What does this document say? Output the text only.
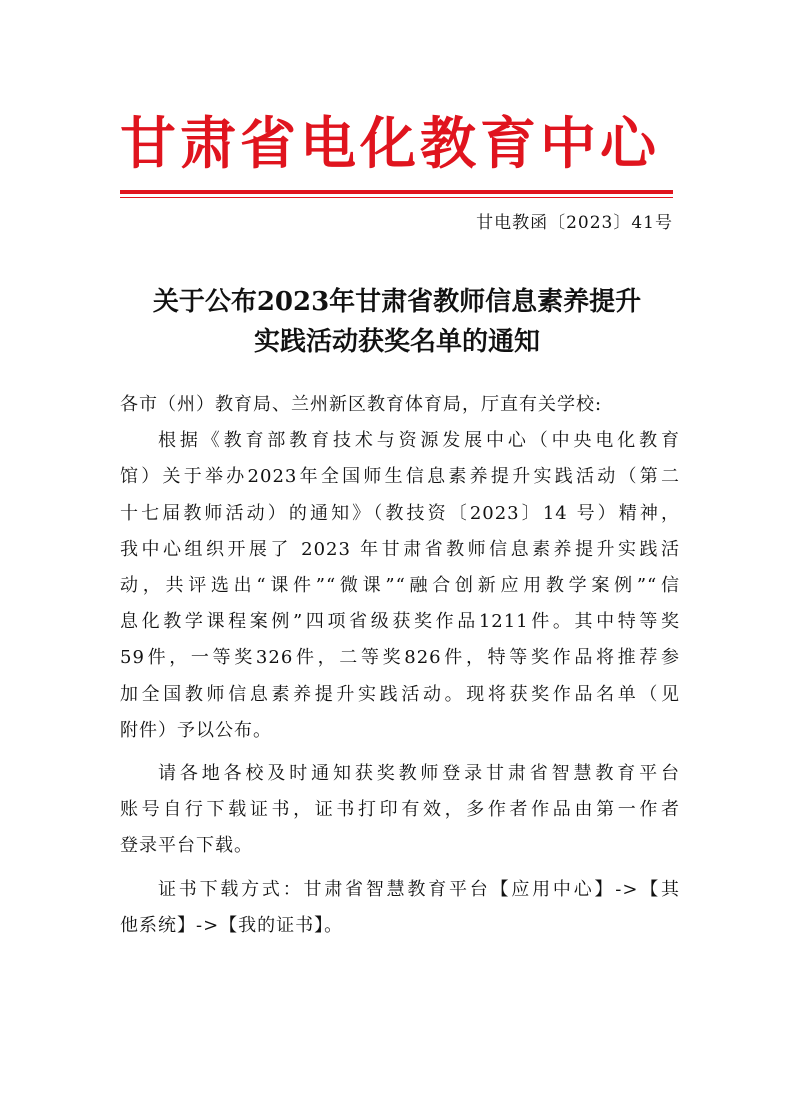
甘肃省电化教育中心
甘电教函〔2023〕41号
关于公布2023年甘肃省教师信息素养提升
实践活动获奖名单的通知
各市（州）教育局、兰州新区教育体育局，厅直有关学校:
根据《教育部教育技术与资源发展中心（中央电化教育
馆）关于举办2023年全国师生信息素养提升实践活动（第二
十七届教师活动）的通知》（教技资〔2023〕14 号）精神，
我中心组织开展了 2023 年甘肃省教师信息素养提升实践活
动，共评选出“课件”“微课”“融合创新应用教学案例”“信
息化教学课程案例”四项省级获奖作品1211件。其中特等奖
59件，一等奖326件，二等奖826件，特等奖作品将推荐参
加全国教师信息素养提升实践活动。现将获奖作品名单（见
附件）予以公布。
请各地各校及时通知获奖教师登录甘肃省智慧教育平台
账号自行下载证书，证书打印有效，多作者作品由第一作者
登录平台下载。
证书下载方式：甘肃省智慧教育平台【应用中心】->【其
他系统】->【我的证书】。
